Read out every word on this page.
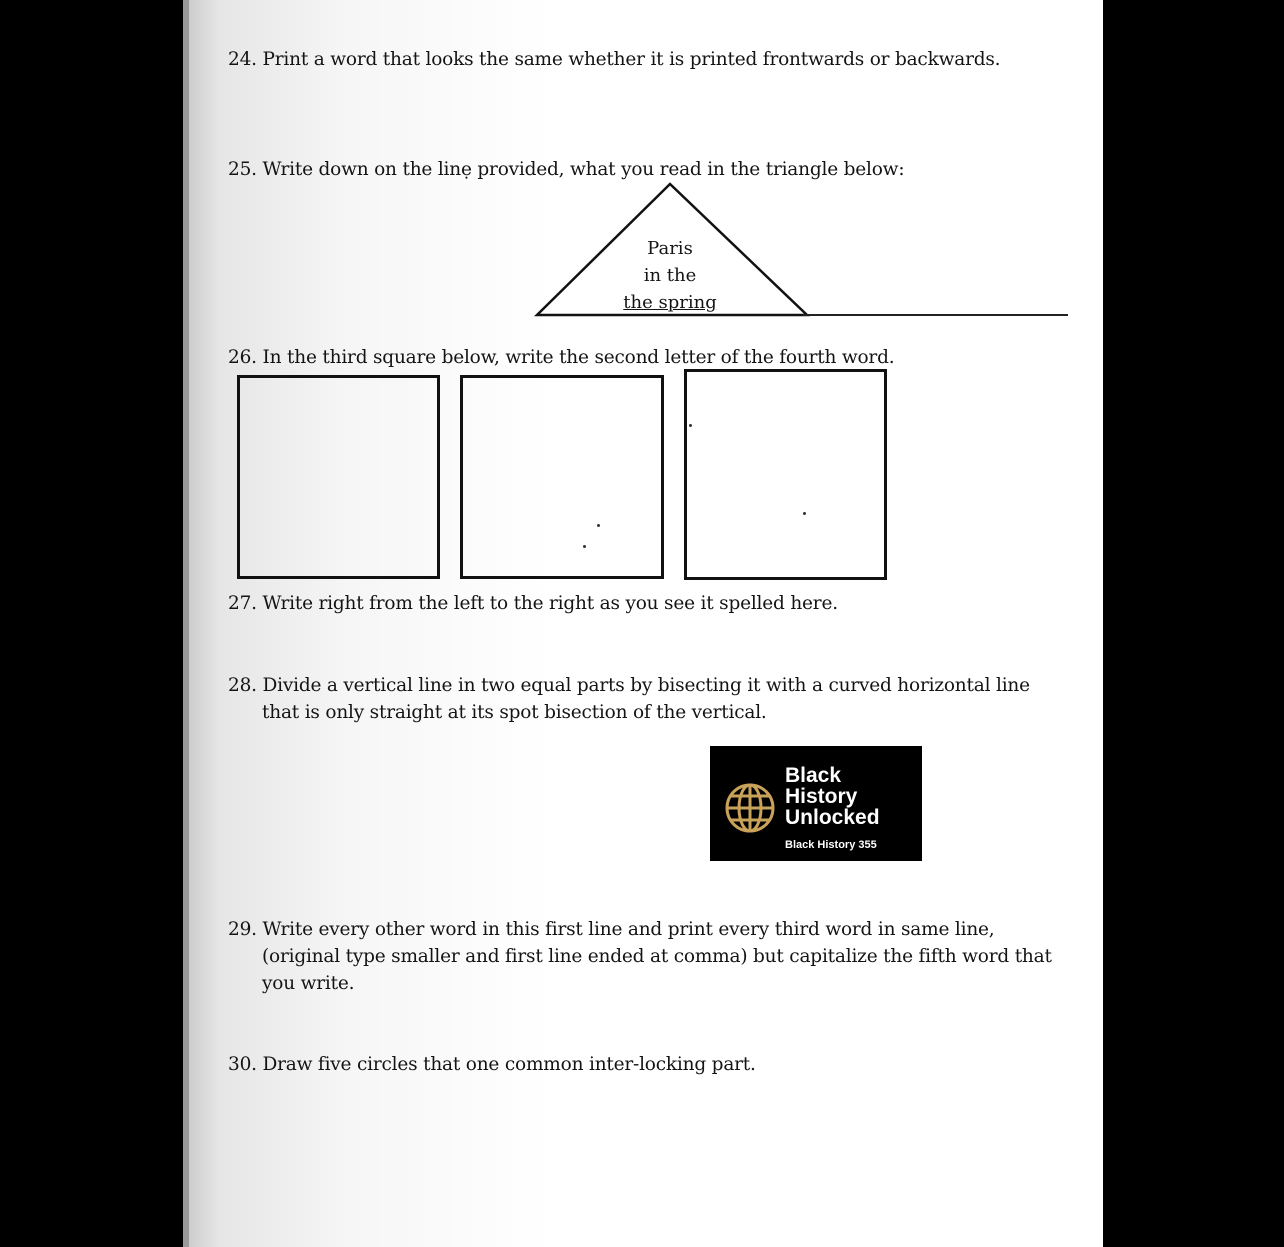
24. Print a word that looks the same whether it is printed frontwards or backwards.
25. Write down on the linẹ provided, what you read in the triangle below:
Paris
in the
the spring
26. In the third square below, write the second letter of the fourth word.
27. Write right from the left to the right as you see it spelled here.
28. Divide a vertical line in two equal parts by bisecting it with a curved horizontal line
that is only straight at its spot bisection of the vertical.
Black
History
Unlocked
Black History 355
29. Write every other word in this first line and print every third word in same line,
(original type smaller and first line ended at comma) but capitalize the fifth word that
you write.
30. Draw five circles that one common inter-locking part.
